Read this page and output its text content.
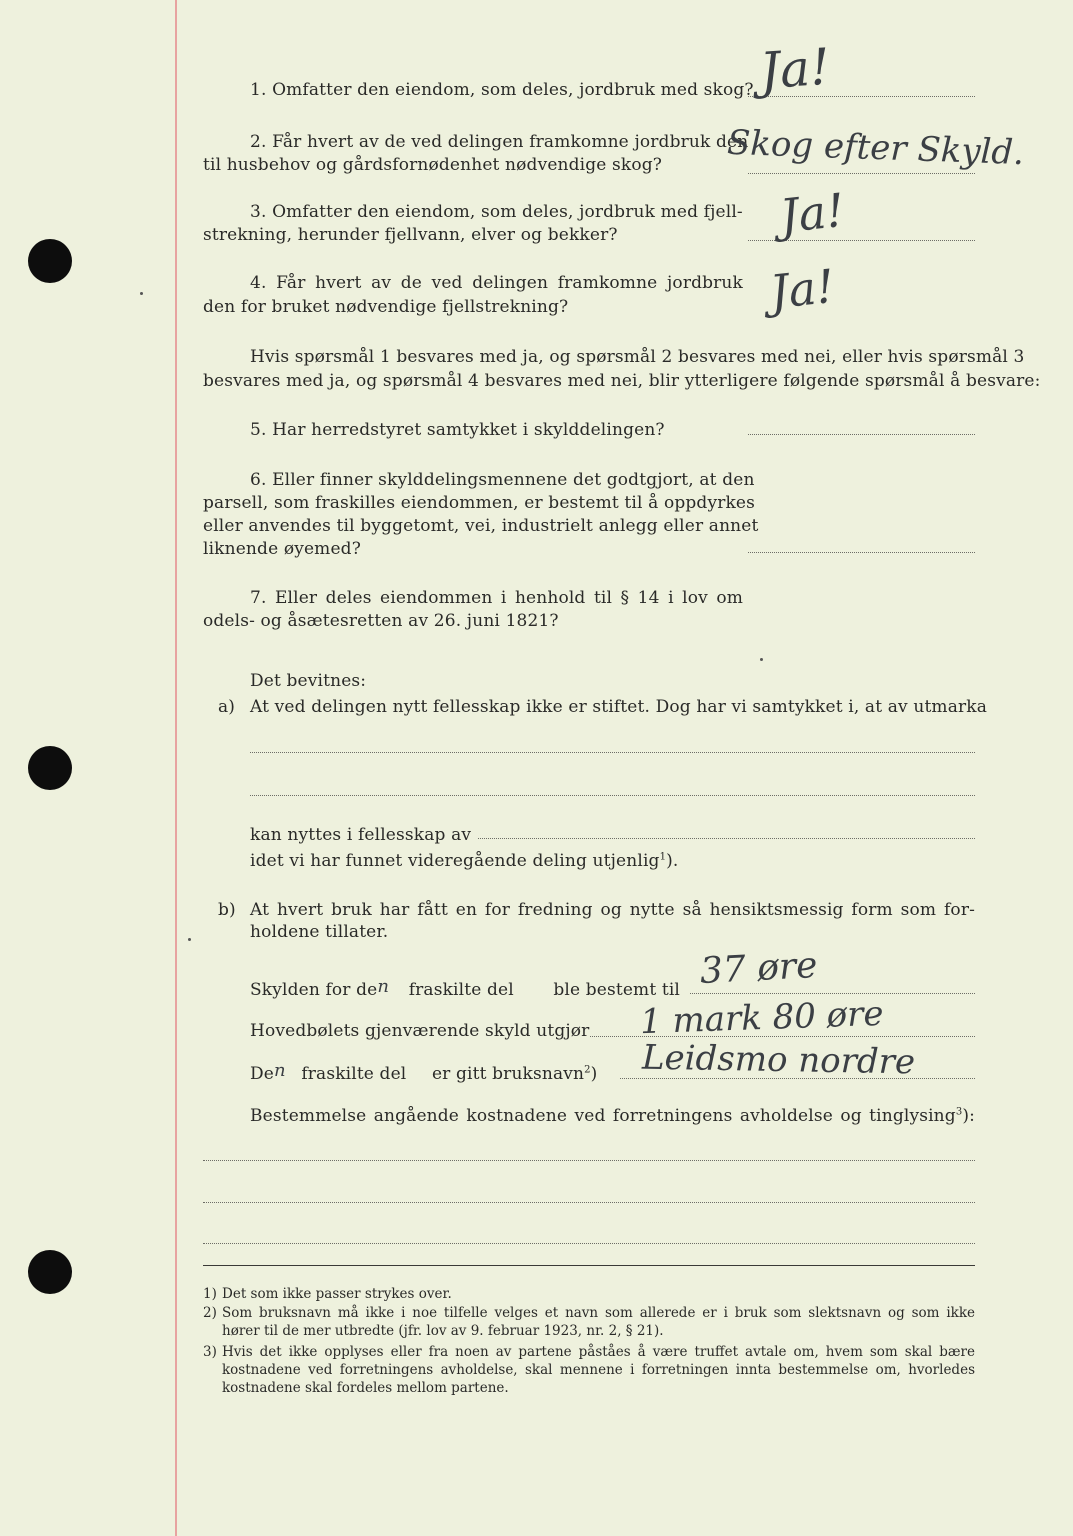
1. Omfatter den eiendom, som deles, jordbruk med skog? Ja!
2. Får hvert av de ved delingen framkomne jordbruk den
til husbehov og gårdsfornødenhet nødvendige skog? Skog efter Skyld.
3. Omfatter den eiendom, som deles, jordbruk med fjell-
strekning, herunder fjellvann, elver og bekker?	Ja!
4. Får hvert av de ved delingen framkomne jordbruk
den for bruket nødvendige fjellstrekning?	Ja!
Hvis spørsmål 1 besvares med ja, og spørsmål 2 besvares med nei, eller hvis spørsmål 3
besvares med ja, og spørsmål 4 besvares med nei, blir ytterligere følgende spørsmål å besvare:
5. Har herredstyret samtykket i skylddelingen?
6. Eller finner skylddelingsmennene det godtgjort, at den
parsell, som fraskilles eiendommen, er bestemt til å oppdyrkes
eller anvendes til byggetomt, vei, industrielt anlegg eller annet
liknende øyemed?
7. Eller deles eiendommen i henhold til § 14 i lov om
odels- og åsætesretten av 26. juni 1821?
Det bevitnes:
a) At ved delingen nytt fellesskap ikke er stiftet. Dog har vi samtykket i, at av utmarka
kan nyttes i fellesskap av
idet vi har funnet videregående deling utjenlig$^1$).
b) At hvert bruk har fått en for fredning og nytte så hensiktsmessig form som for-
holdene tillater.
Skylden for den fraskilte del ble bestemt til 37 øre
Hovedbølets gjenværende skyld utgjør 1 mark 80 øre
Den fraskilte del er gitt bruksnavn$^2$) Leidsmo nordre
Bestemmelse angående kostnadene ved forretningens avholdelse og tinglysing$^3$):
1) Det som ikke passer strykes over.
2) Som bruksnavn må ikke i noe tilfelle velges et navn som allerede er i bruk som slektsnavn og som ikke
hører til de mer utbredte (jfr. lov av 9. februar 1923, nr. 2, § 21).
3) Hvis det ikke opplyses eller fra noen av partene påståes å være truffet avtale om, hvem som skal bære
kostnadene ved forretningens avholdelse, skal mennene i forretningen innta bestemmelse om, hvorledes
kostnadene skal fordeles mellom partene.
